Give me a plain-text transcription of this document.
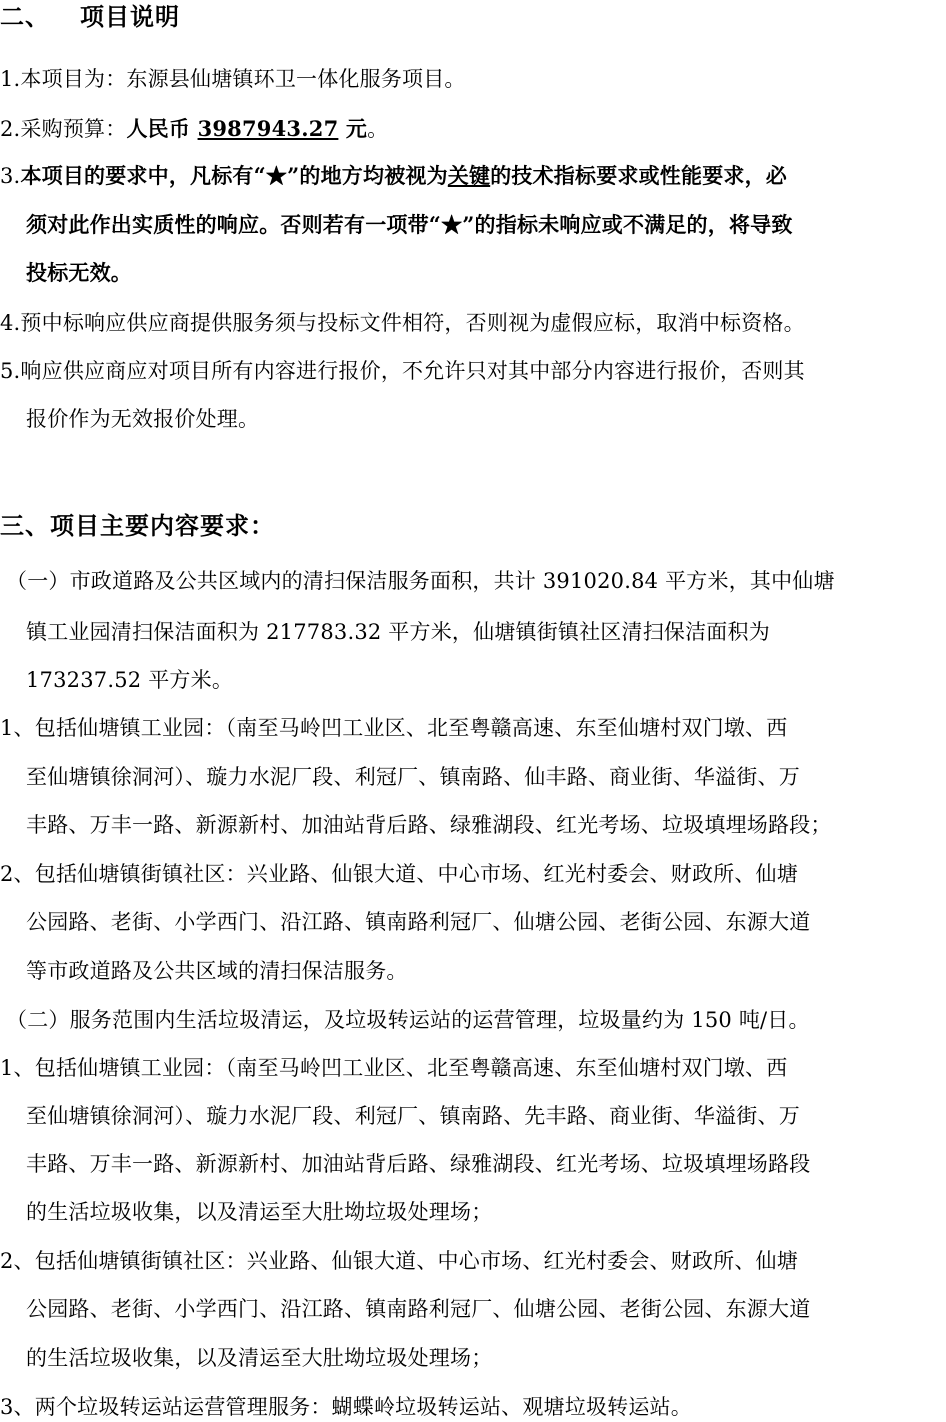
二、 项目说明
1.本项目为：东源县仙塘镇环卫一体化服务项目。
2.采购预算：人民币 3987943.27 元。
3.本项目的要求中，凡标有“★”的地方均被视为关键的技术指标要求或性能要求，必
须对此作出实质性的响应。否则若有一项带“★”的指标未响应或不满足的，将导致
投标无效。
4.预中标响应供应商提供服务须与投标文件相符，否则视为虚假应标，取消中标资格。
5.响应供应商应对项目所有内容进行报价，不允许只对其中部分内容进行报价，否则其
报价作为无效报价处理。
三、项目主要内容要求：
（一）市政道路及公共区域内的清扫保洁服务面积，共计 391020.84 平方米，其中仙塘
镇工业园清扫保洁面积为 217783.32 平方米，仙塘镇街镇社区清扫保洁面积为
173237.52 平方米。
1、包括仙塘镇工业园：（南至马岭凹工业区、北至粤赣高速、东至仙塘村双门墩、西
至仙塘镇徐洞河）、璇力水泥厂段、利冠厂、镇南路、仙丰路、商业街、华溢街、万
丰路、万丰一路、新源新村、加油站背后路、绿雅湖段、红光考场、垃圾填埋场路段；
2、包括仙塘镇街镇社区：兴业路、仙银大道、中心市场、红光村委会、财政所、仙塘
公园路、老街、小学西门、沿江路、镇南路利冠厂、仙塘公园、老街公园、东源大道
等市政道路及公共区域的清扫保洁服务。
（二）服务范围内生活垃圾清运，及垃圾转运站的运营管理，垃圾量约为 150 吨/日。
1、包括仙塘镇工业园：（南至马岭凹工业区、北至粤赣高速、东至仙塘村双门墩、西
至仙塘镇徐洞河）、璇力水泥厂段、利冠厂、镇南路、先丰路、商业街、华溢街、万
丰路、万丰一路、新源新村、加油站背后路、绿雅湖段、红光考场、垃圾填埋场路段
的生活垃圾收集，以及清运至大肚坳垃圾处理场；
2、包括仙塘镇街镇社区：兴业路、仙银大道、中心市场、红光村委会、财政所、仙塘
公园路、老街、小学西门、沿江路、镇南路利冠厂、仙塘公园、老街公园、东源大道
的生活垃圾收集，以及清运至大肚坳垃圾处理场；
3、两个垃圾转运站运营管理服务：蝴蝶岭垃圾转运站、观塘垃圾转运站。
